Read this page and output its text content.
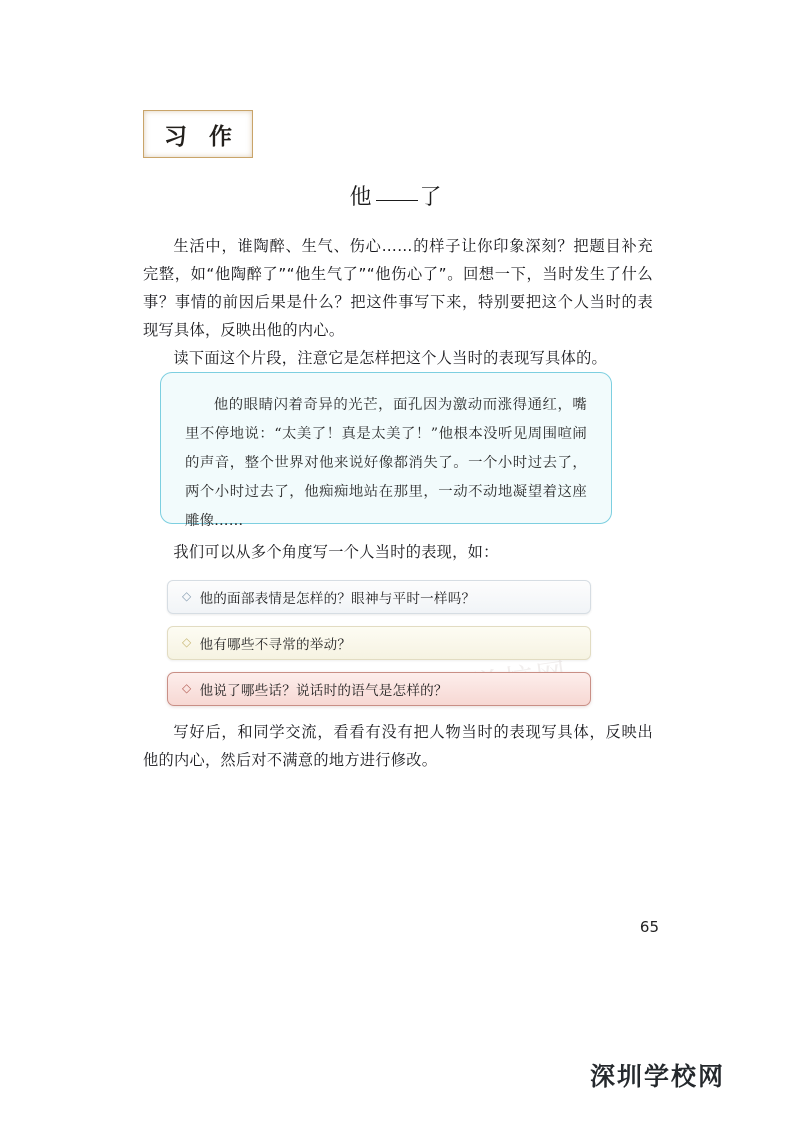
习 作
他 了
生活中，谁陶醉、生气、伤心……的样子让你印象深刻？把题目补充完整，如“他陶醉了”“他生气了”“他伤心了”。回想一下，当时发生了什么事？事情的前因后果是什么？把这件事写下来，特别要把这个人当时的表现写具体，反映出他的内心。
读下面这个片段，注意它是怎样把这个人当时的表现写具体的。
他的眼睛闪着奇异的光芒，面孔因为激动而涨得通红，嘴里不停地说：“太美了！真是太美了！”他根本没听见周围喧闹的声音，整个世界对他来说好像都消失了。一个小时过去了，两个小时过去了，他痴痴地站在那里，一动不动地凝望着这座雕像……
我们可以从多个角度写一个人当时的表现，如：
◇ 他的面部表情是怎样的？眼神与平时一样吗？
◇ 他有哪些不寻常的举动？
◇ 他说了哪些话？说话时的语气是怎样的？
写好后，和同学交流，看看有没有把人物当时的表现写具体，反映出他的内心，然后对不满意的地方进行修改。
65
深圳学校网
